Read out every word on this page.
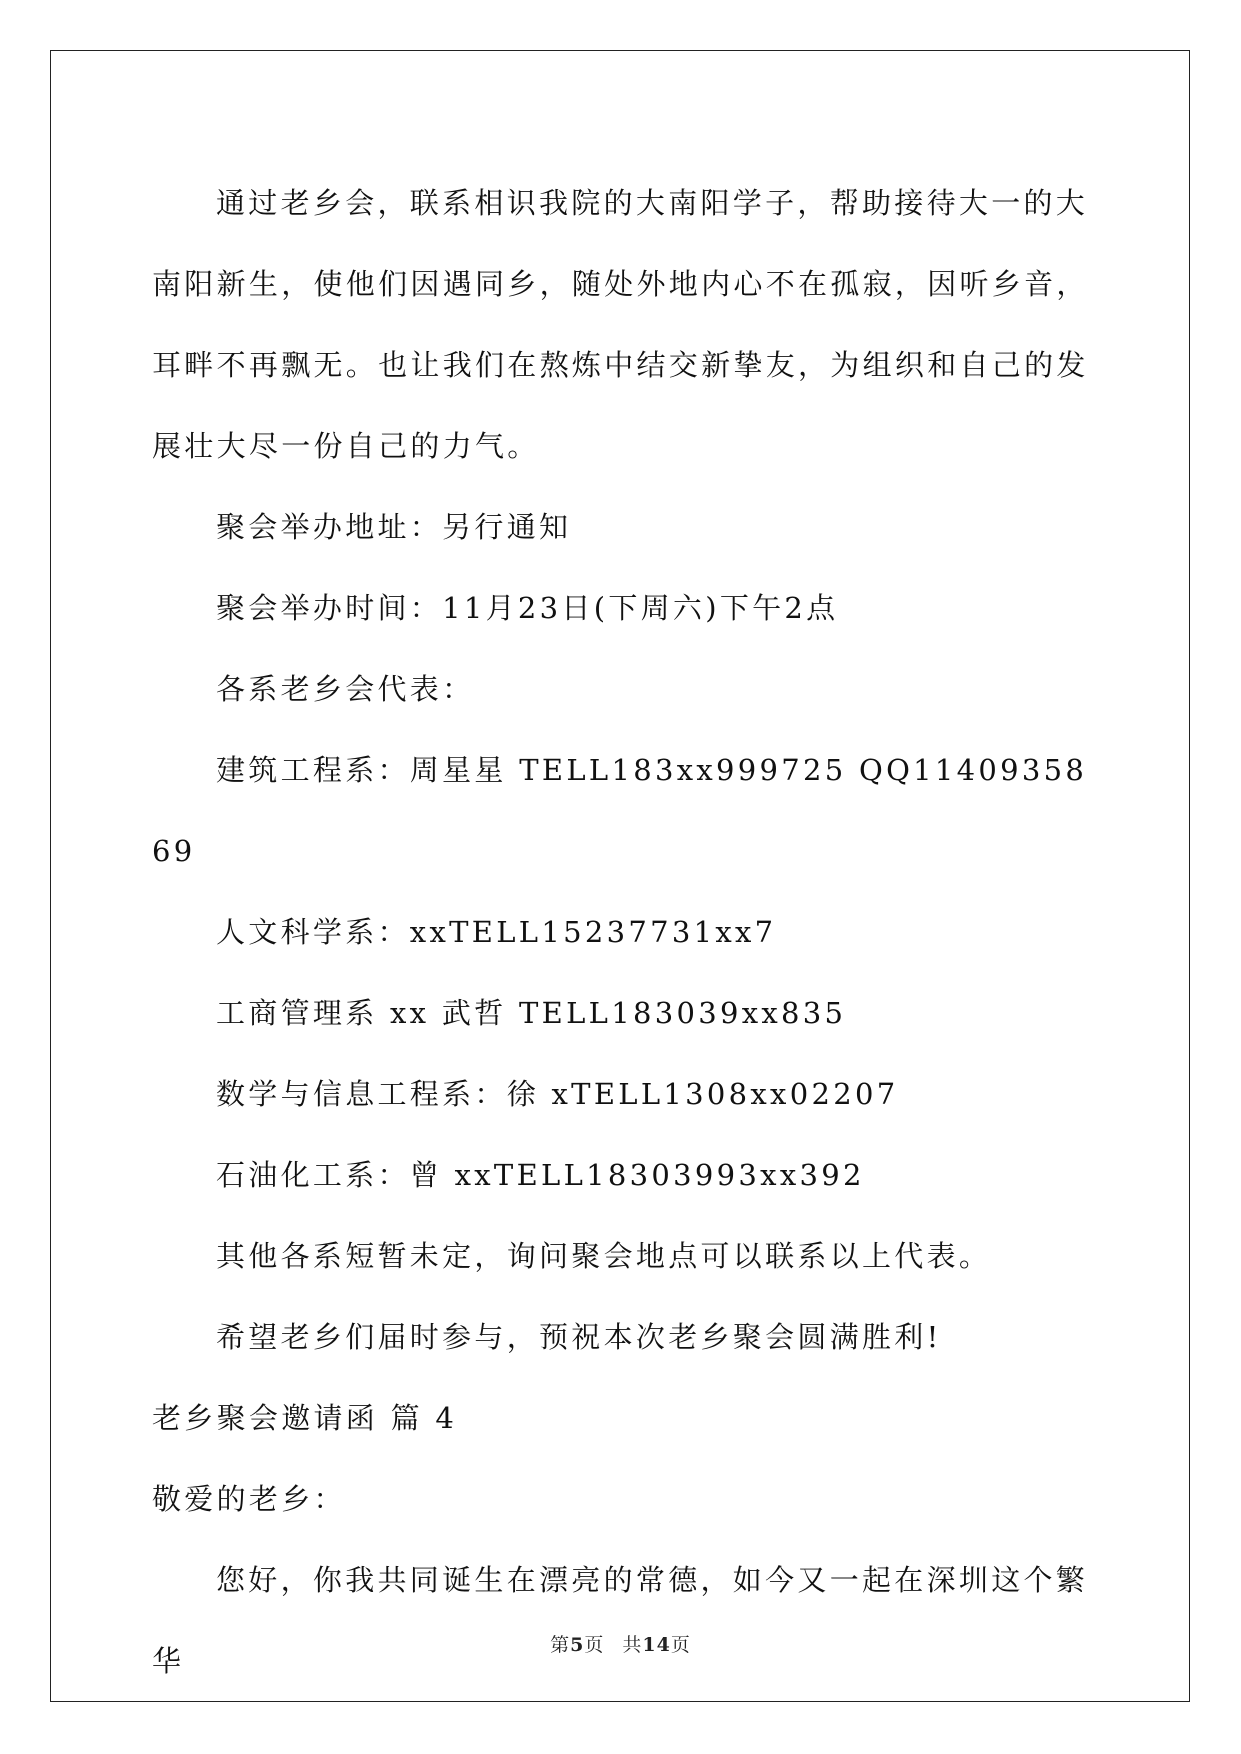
通过老乡会，联系相识我院的大南阳学子，帮助接待大一的大南阳新生，使他们因遇同乡，随处外地内心不在孤寂，因听乡音，耳畔不再飘无。也让我们在熬炼中结交新挚友，为组织和自己的发展壮大尽一份自己的力气。

聚会举办地址：另行通知

聚会举办时间：11月23日(下周六)下午2点

各系老乡会代表：

建筑工程系：周星星 TELL183xx999725 QQ1140935869

人文科学系：xxTELL15237731xx7

工商管理系 xx 武哲 TELL183039xx835

数学与信息工程系：徐 xTELL1308xx02207

石油化工系：曾 xxTELL18303993xx392

其他各系短暂未定，询问聚会地点可以联系以上代表。

希望老乡们届时参与，预祝本次老乡聚会圆满胜利!

老乡聚会邀请函 篇 4

敬爱的老乡：

您好，你我共同诞生在漂亮的常德，如今又一起在深圳这个繁华	第5页 共14页
